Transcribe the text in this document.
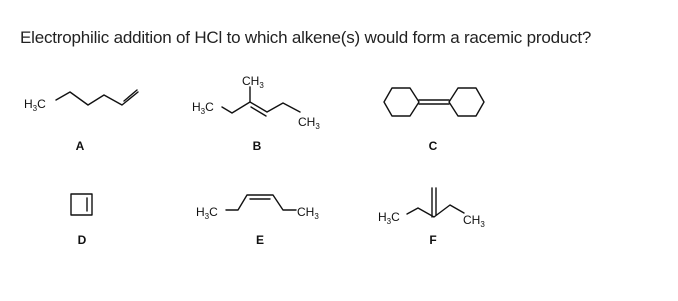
Electrophilic addition of HCl to which alkene(s) would form a racemic product?
$H_3C$
A
$H_3C$
$CH_3$
$CH_3$
B	C
D
$H_3C$	$CH_3$
E
$H_3C$	$CH_3$
F
